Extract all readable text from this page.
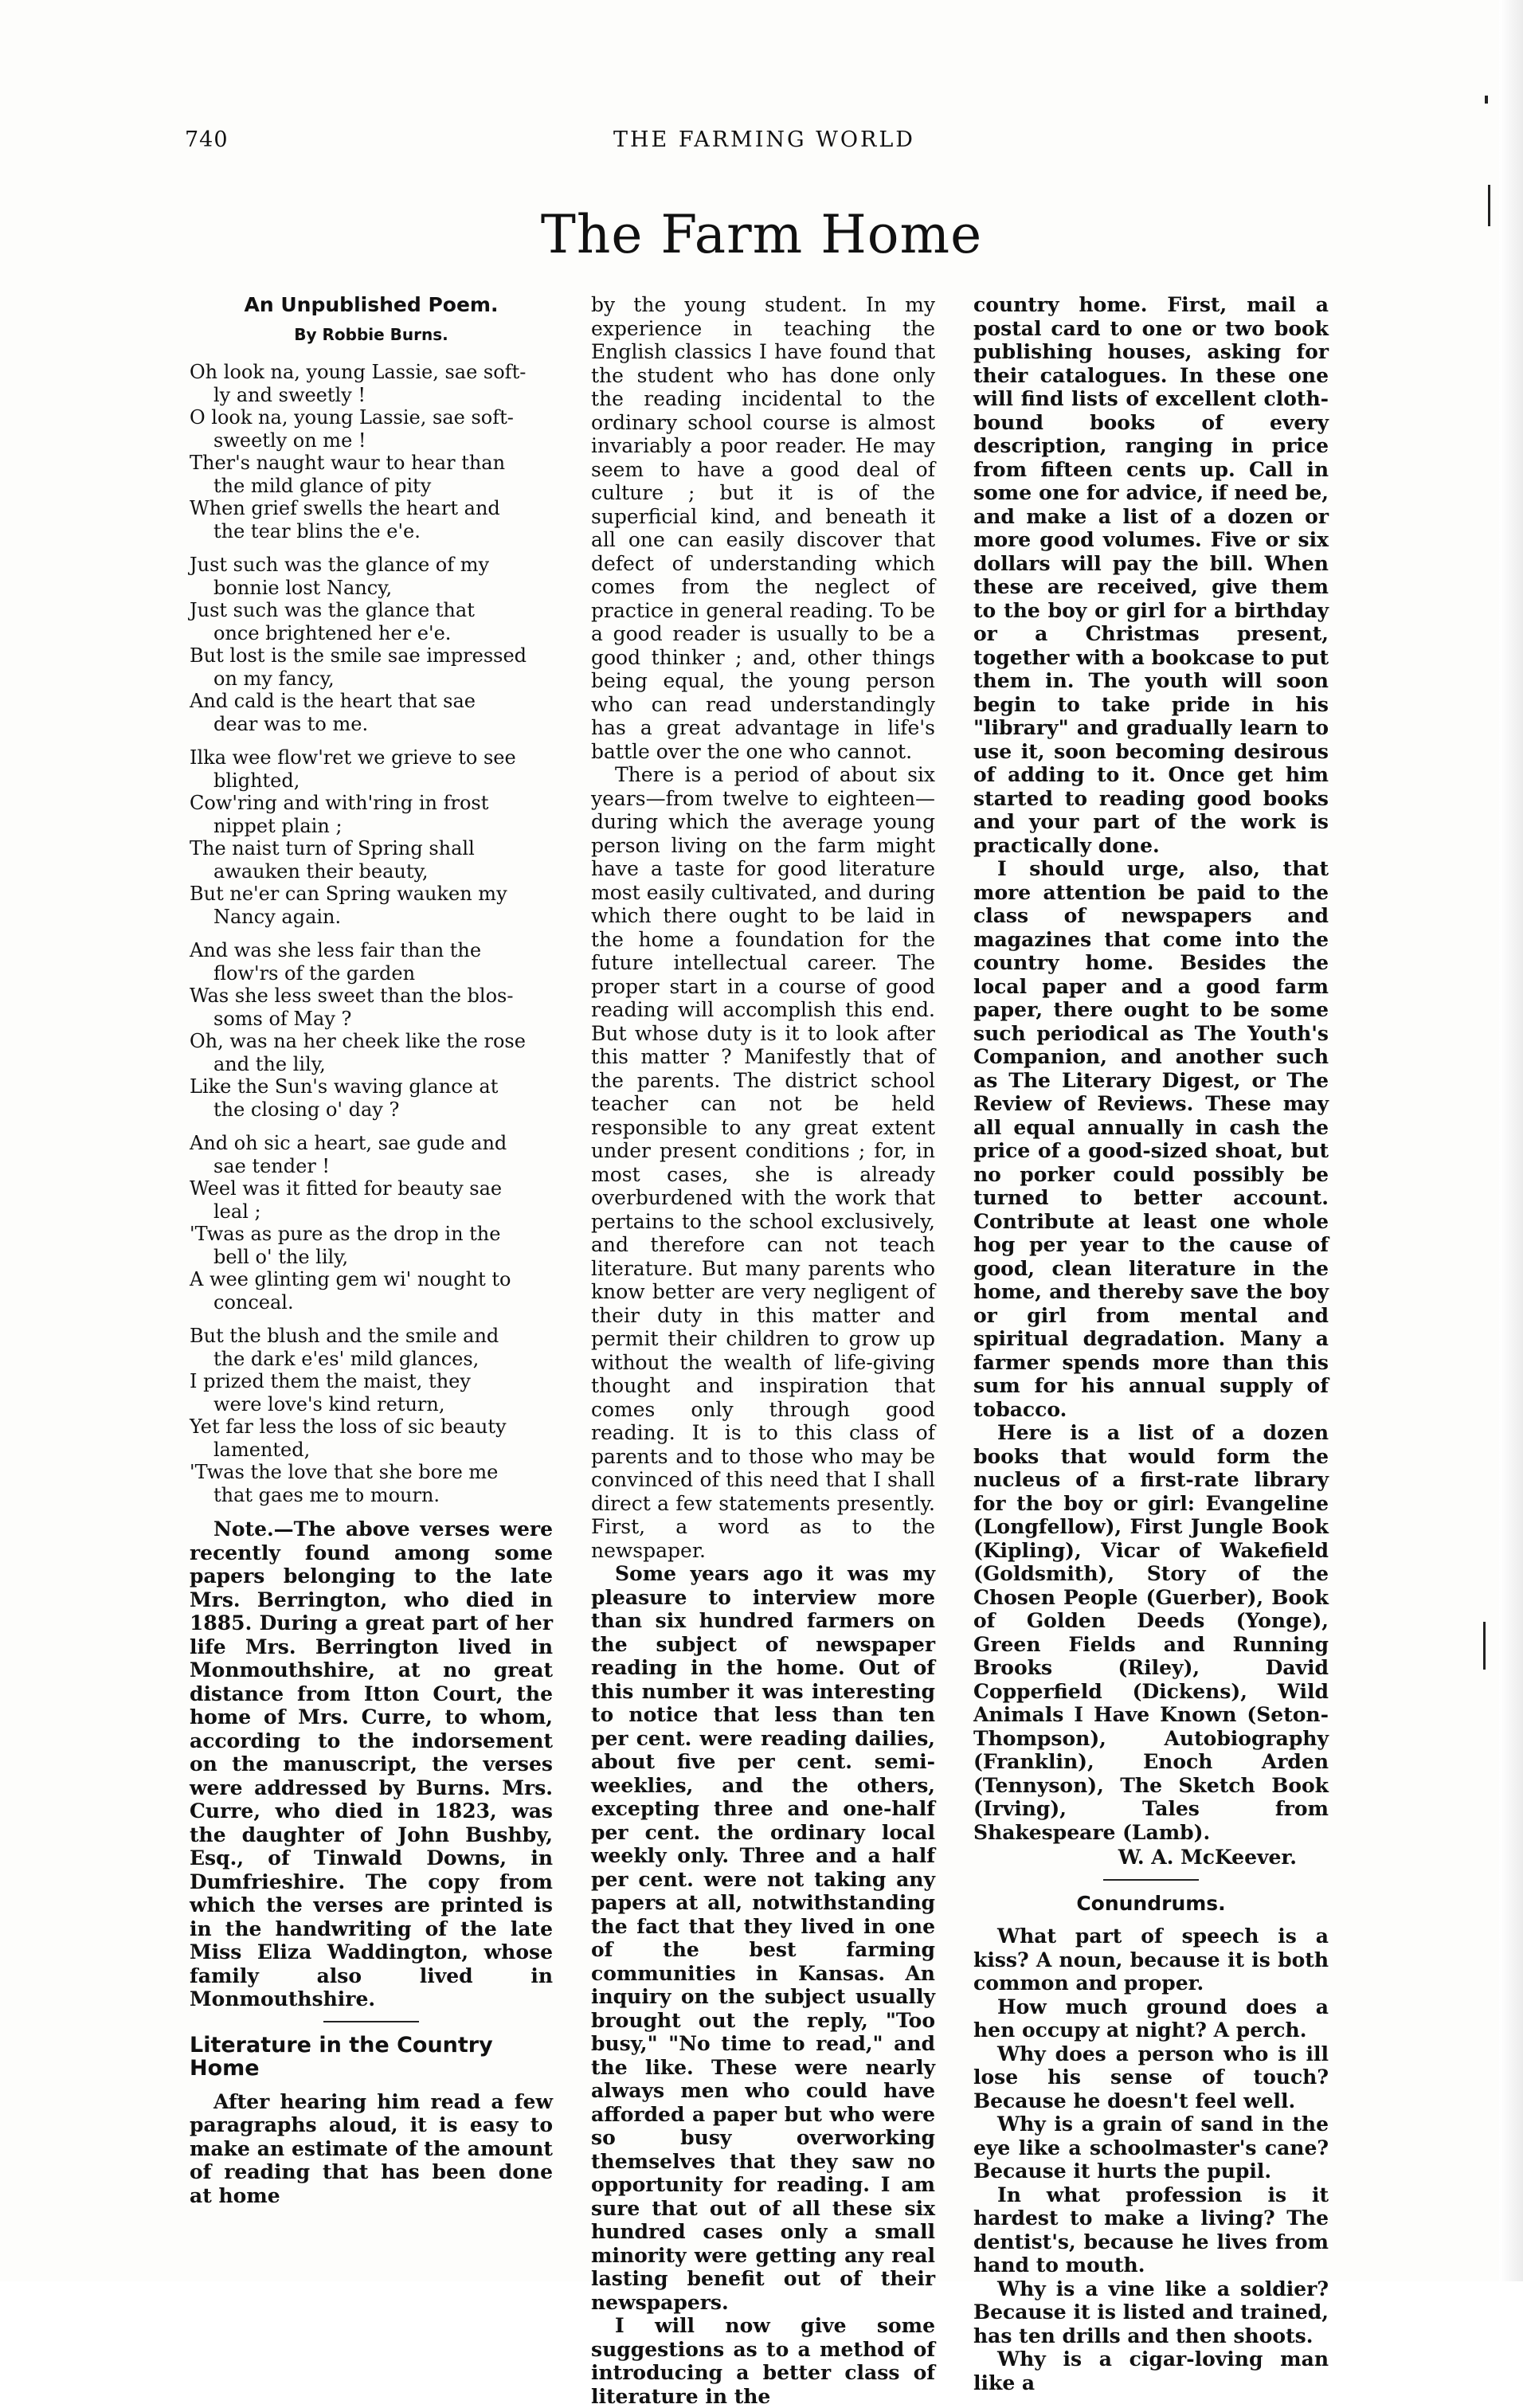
740	THE FARMING WORLD
The Farm Home
An Unpublished Poem.
By Robbie Burns.
Oh look na, young Lassie, sae soft-
ly and sweetly !
O look na, young Lassie, sae soft-
sweetly on me !
Ther's naught waur to hear than
the mild glance of pity
When grief swells the heart and
the tear blins the e'e.
Just such was the glance of my
bonnie lost Nancy,
Just such was the glance that
once brightened her e'e.
But lost is the smile sae impressed
on my fancy,
And cald is the heart that sae
dear was to me.
Ilka wee flow'ret we grieve to see
blighted,
Cow'ring and with'ring in frost
nippet plain ;
The naist turn of Spring shall
awauken their beauty,
But ne'er can Spring wauken my
Nancy again.
And was she less fair than the
flow'rs of the garden
Was she less sweet than the blos-
soms of May ?
Oh, was na her cheek like the rose
and the lily,
Like the Sun's waving glance at
the closing o' day ?
And oh sic a heart, sae gude and
sae tender !
Weel was it fitted for beauty sae
leal ;
'Twas as pure as the drop in the
bell o' the lily,
A wee glinting gem wi' nought to
conceal.
But the blush and the smile and
the dark e'es' mild glances,
I prized them the maist, they
were love's kind return,
Yet far less the loss of sic beauty
lamented,
'Twas the love that she bore me
that gaes me to mourn.

Note.—The above verses were recently found among some papers belonging to the late Mrs. Berrington, who died in 1885. During a great part of her life Mrs. Berrington lived in Monmouthshire, at no great distance from Itton Court, the home of Mrs. Curre, to whom, according to the indorsement on the manuscript, the verses were addressed by Burns. Mrs. Curre, who died in 1823, was the daughter of John Bushby, Esq., of Tinwald Downs, in Dumfrieshire. The copy from which the verses are printed is in the handwriting of the late Miss Eliza Waddington, whose family also lived in Monmouthshire.

Literature in the Country Home

After hearing him read a few paragraphs aloud, it is easy to make an estimate of the amount of reading that has been done at home

by the young student. In my experience in teaching the English classics I have found that the student who has done only the reading incidental to the ordinary school course is almost invariably a poor reader. He may seem to have a good deal of culture ; but it is of the superficial kind, and beneath it all one can easily discover that defect of understanding which comes from the neglect of practice in general reading. To be a good reader is usually to be a good thinker ; and, other things being equal, the young person who can read understandingly has a great advantage in life's battle over the one who cannot.

There is a period of about six years—from twelve to eighteen—during which the average young person living on the farm might have a taste for good literature most easily cultivated, and during which there ought to be laid in the home a foundation for the future intellectual career. The proper start in a course of good reading will accomplish this end. But whose duty is it to look after this matter ? Manifestly that of the parents. The district school teacher can not be held responsible to any great extent under present conditions ; for, in most cases, she is already overburdened with the work that pertains to the school exclusively, and therefore can not teach literature. But many parents who know better are very negligent of their duty in this matter and permit their children to grow up without the wealth of life-giving thought and inspiration that comes only through good reading. It is to this class of parents and to those who may be convinced of this need that I shall direct a few statements presently. First, a word as to the newspaper.

Some years ago it was my pleasure to interview more than six hundred farmers on the subject of newspaper reading in the home. Out of this number it was interesting to notice that less than ten per cent. were reading dailies, about five per cent. semi-weeklies, and the others, excepting three and one-half per cent. the ordinary local weekly only. Three and a half per cent. were not taking any papers at all, notwithstanding the fact that they lived in one of the best farming communities in Kansas. An inquiry on the subject usually brought out the reply, "Too busy," "No time to read," and the like. These were nearly always men who could have afforded a paper but who were so busy overworking themselves that they saw no opportunity for reading. I am sure that out of all these six hundred cases only a small minority were getting any real lasting benefit out of their newspapers.

I will now give some suggestions as to a method of introducing a better class of literature in the

country home. First, mail a postal card to one or two book publishing houses, asking for their catalogues. In these one will find lists of excellent cloth-bound books of every description, ranging in price from fifteen cents up. Call in some one for advice, if need be, and make a list of a dozen or more good volumes. Five or six dollars will pay the bill. When these are received, give them to the boy or girl for a birthday or a Christmas present, together with a bookcase to put them in. The youth will soon begin to take pride in his "library" and gradually learn to use it, soon becoming desirous of adding to it. Once get him started to reading good books and your part of the work is practically done.

I should urge, also, that more attention be paid to the class of newspapers and magazines that come into the country home. Besides the local paper and a good farm paper, there ought to be some such periodical as The Youth's Companion, and another such as The Literary Digest, or The Review of Reviews. These may all equal annually in cash the price of a good-sized shoat, but no porker could possibly be turned to better account. Contribute at least one whole hog per year to the cause of good, clean literature in the home, and thereby save the boy or girl from mental and spiritual degradation. Many a farmer spends more than this sum for his annual supply of tobacco.

Here is a list of a dozen books that would form the nucleus of a first-rate library for the boy or girl: Evangeline (Longfellow), First Jungle Book (Kipling), Vicar of Wakefield (Goldsmith), Story of the Chosen People (Guerber), Book of Golden Deeds (Yonge), Green Fields and Running Brooks (Riley), David Copperfield (Dickens), Wild Animals I Have Known (Seton-Thompson), Autobiography (Franklin), Enoch Arden (Tennyson), The Sketch Book (Irving), Tales from Shakespeare (Lamb).

W. A. McKeever.
Conundrums.

What part of speech is a kiss? A noun, because it is both common and proper.

How much ground does a hen occupy at night? A perch.

Why does a person who is ill lose his sense of touch? Because he doesn't feel well.

Why is a grain of sand in the eye like a schoolmaster's cane? Because it hurts the pupil.

In what profession is it hardest to make a living? The dentist's, because he lives from hand to mouth.

Why is a vine like a soldier? Because it is listed and trained, has ten drills and then shoots.

Why is a cigar-loving man like a
